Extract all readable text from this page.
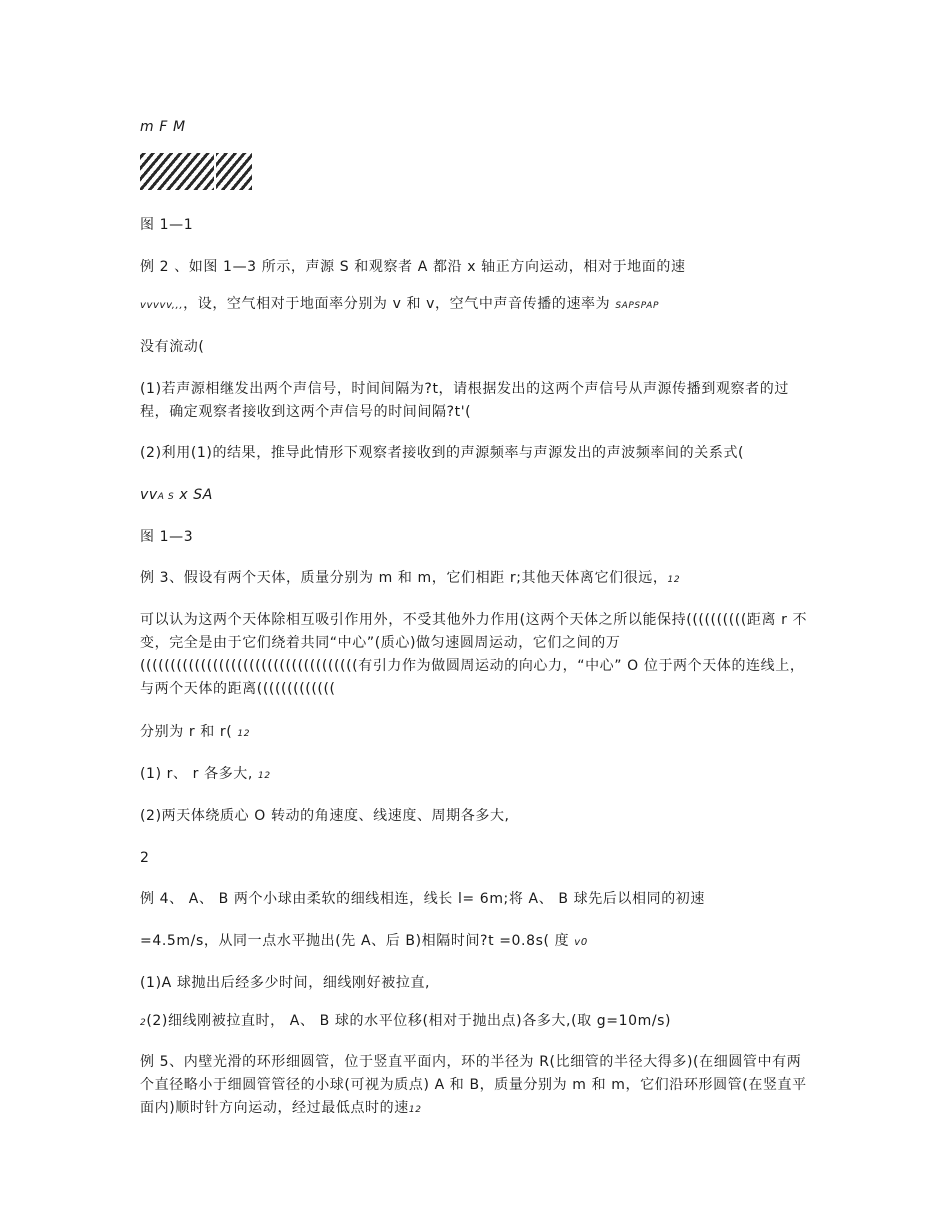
m F M

图 1—1

例 2 、如图 1—3 所示，声源 S 和观察者 A 都沿 x 轴正方向运动，相对于地面的速

vvvvv,,,，设，空气相对于地面率分别为 v 和 v，空气中声音传播的速率为 SAPSPAP

没有流动(

(1)若声源相继发出两个声信号，时间间隔为?t，请根据发出的这两个声信号从声源传播到观察者的过程，确定观察者接收到这两个声信号的时间间隔?t'(

(2)利用(1)的结果，推导此情形下观察者接收到的声源频率与声源发出的声波频率间的关系式(

vvA S x SA

图 1—3

例 3、假设有两个天体，质量分别为 m 和 m，它们相距 r;其他天体离它们很远，12

可以认为这两个天体除相互吸引作用外，不受其他外力作用(这两个天体之所以能保持((((((((((距离 r 不变，完全是由于它们绕着共同“中心”(质心)做匀速圆周运动，它们之间的万((((((((((((((((((((((((((((((((((((有引力作为做圆周运动的向心力，“中心” O 位于两个天体的连线上，与两个天体的距离(((((((((((((

分别为 r 和 r( 12

(1) r、 r 各多大, 12

(2)两天体绕质心 O 转动的角速度、线速度、周期各多大,

2

例 4、 A、 B 两个小球由柔软的细线相连，线长 l= 6m;将 A、 B 球先后以相同的初速

=4.5m/s，从同一点水平抛出(先 A、后 B)相隔时间?t =0.8s( 度 v0

(1)A 球抛出后经多少时间，细线刚好被拉直,

2(2)细线刚被拉直时， A、 B 球的水平位移(相对于抛出点)各多大,(取 g=10m/s)

例 5、内壁光滑的环形细圆管，位于竖直平面内，环的半径为 R(比细管的半径大得多)(在细圆管中有两个直径略小于细圆管管径的小球(可视为质点) A 和 B，质量分别为 m 和 m，它们沿环形圆管(在竖直平面内)顺时针方向运动，经过最低点时的速12
